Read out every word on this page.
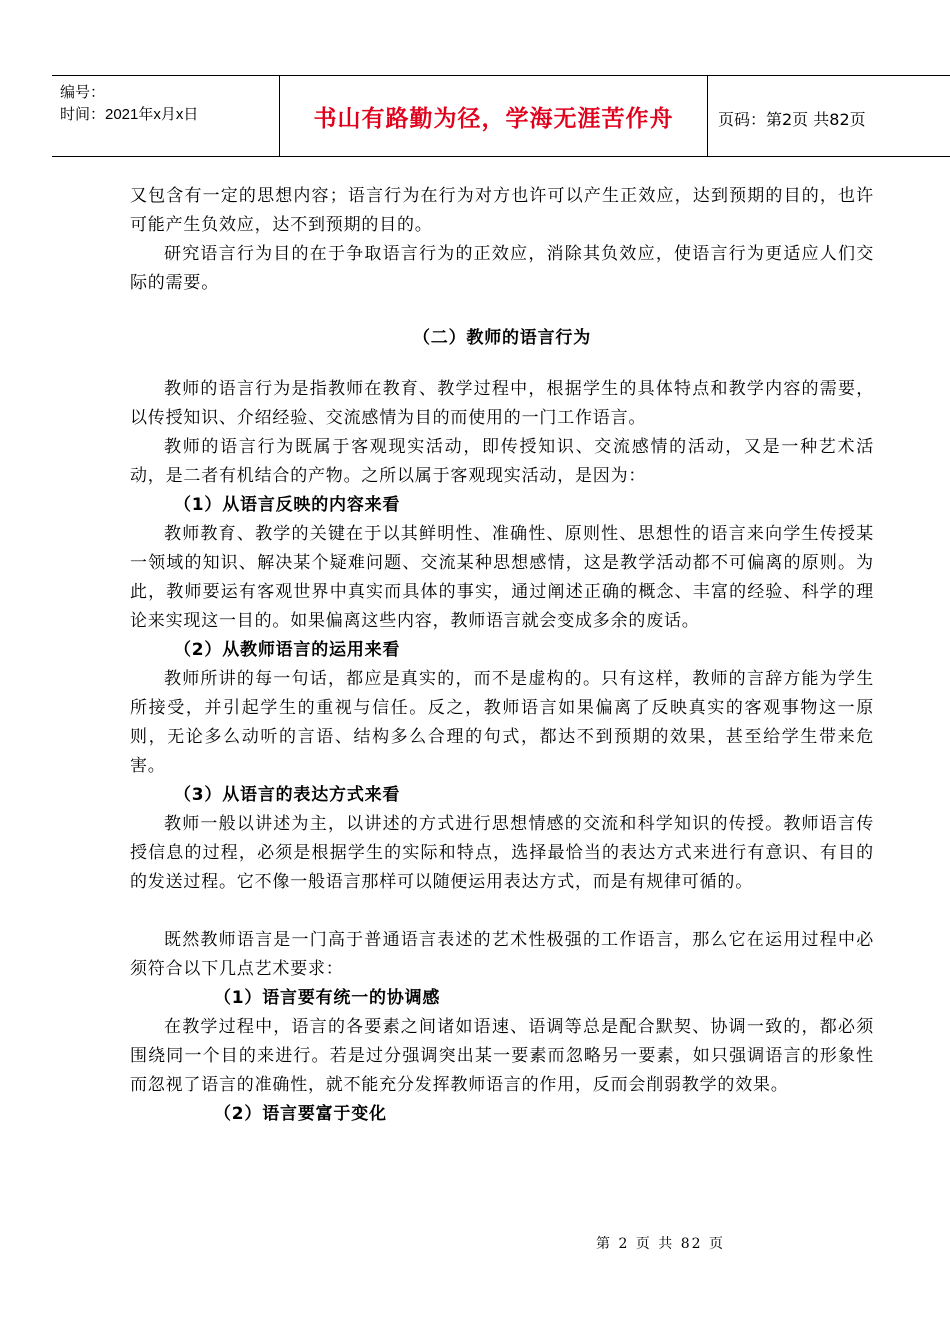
编号：
时间：2021年x月x日	书山有路勤为径，学海无涯苦作舟	页码：第2页 共82页

又包含有一定的思想内容；语言行为在行为对方也许可以产生正效应，达到预期的目的，也许可能产生负效应，达不到预期的目的。

研究语言行为目的在于争取语言行为的正效应，消除其负效应，使语言行为更适应人们交际的需要。

（二）教师的语言行为

教师的语言行为是指教师在教育、教学过程中，根据学生的具体特点和教学内容的需要，以传授知识、介绍经验、交流感情为目的而使用的一门工作语言。

教师的语言行为既属于客观现实活动，即传授知识、交流感情的活动，又是一种艺术活动，是二者有机结合的产物。之所以属于客观现实活动，是因为：

（1）从语言反映的内容来看

教师教育、教学的关键在于以其鲜明性、准确性、原则性、思想性的语言来向学生传授某一领域的知识、解决某个疑难问题、交流某种思想感情，这是教学活动都不可偏离的原则。为此，教师要运有客观世界中真实而具体的事实，通过阐述正确的概念、丰富的经验、科学的理论来实现这一目的。如果偏离这些内容，教师语言就会变成多余的废话。

（2）从教师语言的运用来看

教师所讲的每一句话，都应是真实的，而不是虚构的。只有这样，教师的言辞方能为学生所接受，并引起学生的重视与信任。反之，教师语言如果偏离了反映真实的客观事物这一原则，无论多么动听的言语、结构多么合理的句式，都达不到预期的效果，甚至给学生带来危害。

（3）从语言的表达方式来看

教师一般以讲述为主，以讲述的方式进行思想情感的交流和科学知识的传授。教师语言传授信息的过程，必须是根据学生的实际和特点，选择最恰当的表达方式来进行有意识、有目的的发送过程。它不像一般语言那样可以随便运用表达方式，而是有规律可循的。

既然教师语言是一门高于普通语言表述的艺术性极强的工作语言，那么它在运用过程中必须符合以下几点艺术要求：

（1）语言要有统一的协调感

在教学过程中，语言的各要素之间诸如语速、语调等总是配合默契、协调一致的，都必须围绕同一个目的来进行。若是过分强调突出某一要素而忽略另一要素，如只强调语言的形象性而忽视了语言的准确性，就不能充分发挥教师语言的作用，反而会削弱教学的效果。

（2）语言要富于变化
第 2 页 共 82 页
